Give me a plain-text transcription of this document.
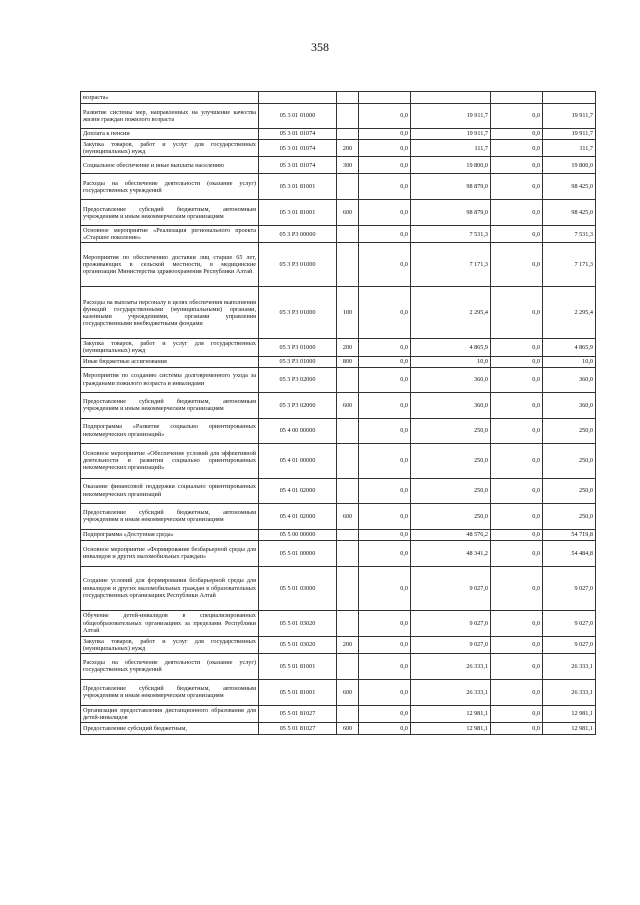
358
возраста»						
Развитие системы мер, направленных на улучшение качества жизни граждан пожилого возраста	05 3 01 01000		0,0	19 911,7	0,0	19 911,7
Доплата к пенсии	05 3 01 01074		0,0	19 911,7	0,0	19 911,7
Закупка товаров, работ и услуг для государственных (муниципальных) нужд	05 3 01 01074	200	0,0	111,7	0,0	111,7
Социальное обеспечение и иные выплаты населению	05 3 01 01074	300	0,0	19 800,0	0,0	19 800,0
Расходы на обеспечение деятельности (оказание услуг) государственных учреждений	05 3 01 81001		0,0	98 879,0	0,0	98 425,0
Предоставление субсидий бюджетным, автономным учреждениям и иным некоммерческим организациям	05 3 01 81001	600	0,0	98 879,0	0,0	98 425,0
Основное мероприятие «Реализация регионального проекта «Старшее поколение»	05 3 P3 00000		0,0	7 531,3	0,0	7 531,3
Мероприятия по обеспечению доставки лиц старше 65 лет, проживающих в сельской местности, в медицинские организации Министерства здравоохранения Республики Алтай	05 3 P3 01000		0,0	7 171,3	0,0	7 171,3
Расходы на выплаты персоналу в целях обеспечения выполнения функций государственными (муниципальными) органами, казенными учреждениями, органами управления государственными внебюджетными фондами	05 3 P3 01000	100	0,0	2 295,4	0,0	2 295,4
Закупка товаров, работ и услуг для государственных (муниципальных) нужд	05 3 P3 01000	200	0,0	4 865,9	0,0	4 865,9
Иные бюджетные ассигнования	05 3 P3 01000	800	0,0	10,0	0,0	10,0
Мероприятия по созданию системы долговременного ухода за гражданами пожилого возраста и инвалидами	05 3 P3 02000		0,0	360,0	0,0	360,0
Предоставление субсидий бюджетным, автономным учреждениям и иным некоммерческим организациям	05 3 P3 02000	600	0,0	360,0	0,0	360,0
Подпрограмма «Развитие социально ориентированных некоммерческих организаций»	05 4 00 00000		0,0	250,0	0,0	250,0
Основное мероприятие «Обеспечение условий для эффективной деятельности и развития социально ориентированных некоммерческих организаций»	05 4 01 00000		0,0	250,0	0,0	250,0
Оказание финансовой поддержки социально ориентированных некоммерческих организаций	05 4 01 02000		0,0	250,0	0,0	250,0
Предоставление субсидий бюджетным, автономным учреждениям и иным некоммерческим организациям	05 4 01 02000	600	0,0	250,0	0,0	250,0
Подпрограмма «Доступная среда»	05 5 00 00000		0,0	48 576,2	0,0	54 719,8
Основное мероприятие «Формирование безбарьерной среды для инвалидов и других маломобильных граждан»	05 5 01 00000		0,0	48 341,2	0,0	54 484,8
Создание условий для формирования безбарьерной среды для инвалидов и других маломобильных граждан в образовательных государственных организациях Республики Алтай	05 5 01 03000		0,0	9 027,0	0,0	9 027,0
Обучение детей-инвалидов в специализированных общеобразовательных организациях за пределами Республики Алтай	05 5 01 03020		0,0	9 027,0	0,0	9 027,0
Закупка товаров, работ и услуг для государственных (муниципальных) нужд	05 5 01 03020	200	0,0	9 027,0	0,0	9 027,0
Расходы на обеспечение деятельности (оказание услуг) государственных учреждений	05 5 01 81001		0,0	26 333,1	0,0	26 333,1
Предоставление субсидий бюджетным, автономным учреждениям и иным некоммерческим организациям	05 5 01 81001	600	0,0	26 333,1	0,0	26 333,1
Организация предоставления дистанционного образования для детей-инвалидов	05 5 01 81027		0,0	12 981,1	0,0	12 981,1
Предоставление субсидий бюджетным,	05 5 01 81027	600	0,0	12 981,1	0,0	12 981,1
